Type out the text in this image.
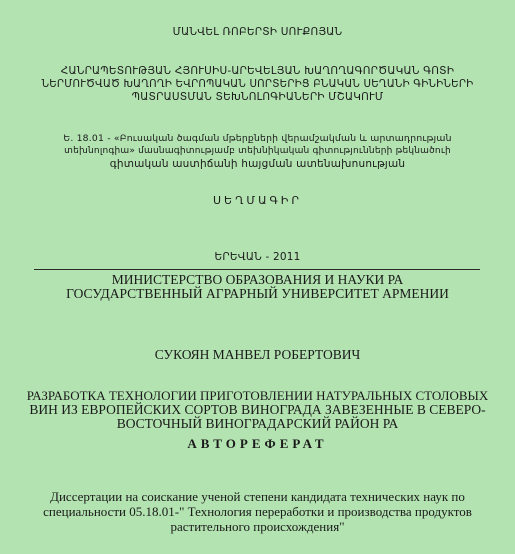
ՄԱՆՎԵԼ ՌՈԲԵՐՏԻ ՍՈՒՔՈՅԱՆ
ՀԱՆՐԱՊԵՏՈՒԹՅԱՆ ՀՅՈՒՍԻՍ-ԱՐԵՎԵԼՅԱՆ ԽԱՂՈՂԱԳՈՐԾԱԿԱՆ ԳՈՏԻ
ՆԵՐՄՈՒԾՎԱԾ ԽԱՂՈՂԻ ԵՎՐՈՊԱԿԱՆ ՍՈՐՏԵՐԻՑ ԲՆԱԿԱՆ ՍԵՂԱՆԻ ԳԻՆԻՆԵՐԻ
ՊԱՏՐԱՍՏՄԱՆ ՏԵԽՆՈԼՈԳԻԱՆԵՐԻ ՄՇԱԿՈՒՄ
Ե. 18.01 - «Բուսական ծագման մթերքների վերամշակման և արտադրության
տեխնոլոգիա» մասնագիտությամբ տեխնիկական գիտությունների թեկնածուի
գիտական աստիճանի հայցման ատենախոսության
ՍԵՂՄԱԳԻՐ
ԵՐԵՎԱՆ - 2011
МИНИСТЕРСТВО ОБРАЗОВАНИЯ И НАУКИ РА
ГОСУДАРСТВЕННЫЙ АГРАРНЫЙ УНИВЕРСИТЕТ АРМЕНИИ
СУКОЯН МАНВЕЛ РОБЕРТОВИЧ
РАЗРАБОТКА ТЕХНОЛОГИИ ПРИГОТОВЛЕНИИ НАТУРАЛЬНЫХ СТОЛОВЫХ
ВИН ИЗ ЕВРОПЕЙСКИХ СОРТОВ ВИНОГРАДА ЗАВЕЗЕННЫЕ В СЕВЕРО-
ВОСТОЧНЫЙ ВИНОГРАДАРСКИЙ РАЙОН РА
АВТОРЕФЕРАТ
Диссертации на соискание ученой степени кандидата технических наук по
специальности 05.18.01-" Технология переработки и производства продуктов
растительного происхождения"
